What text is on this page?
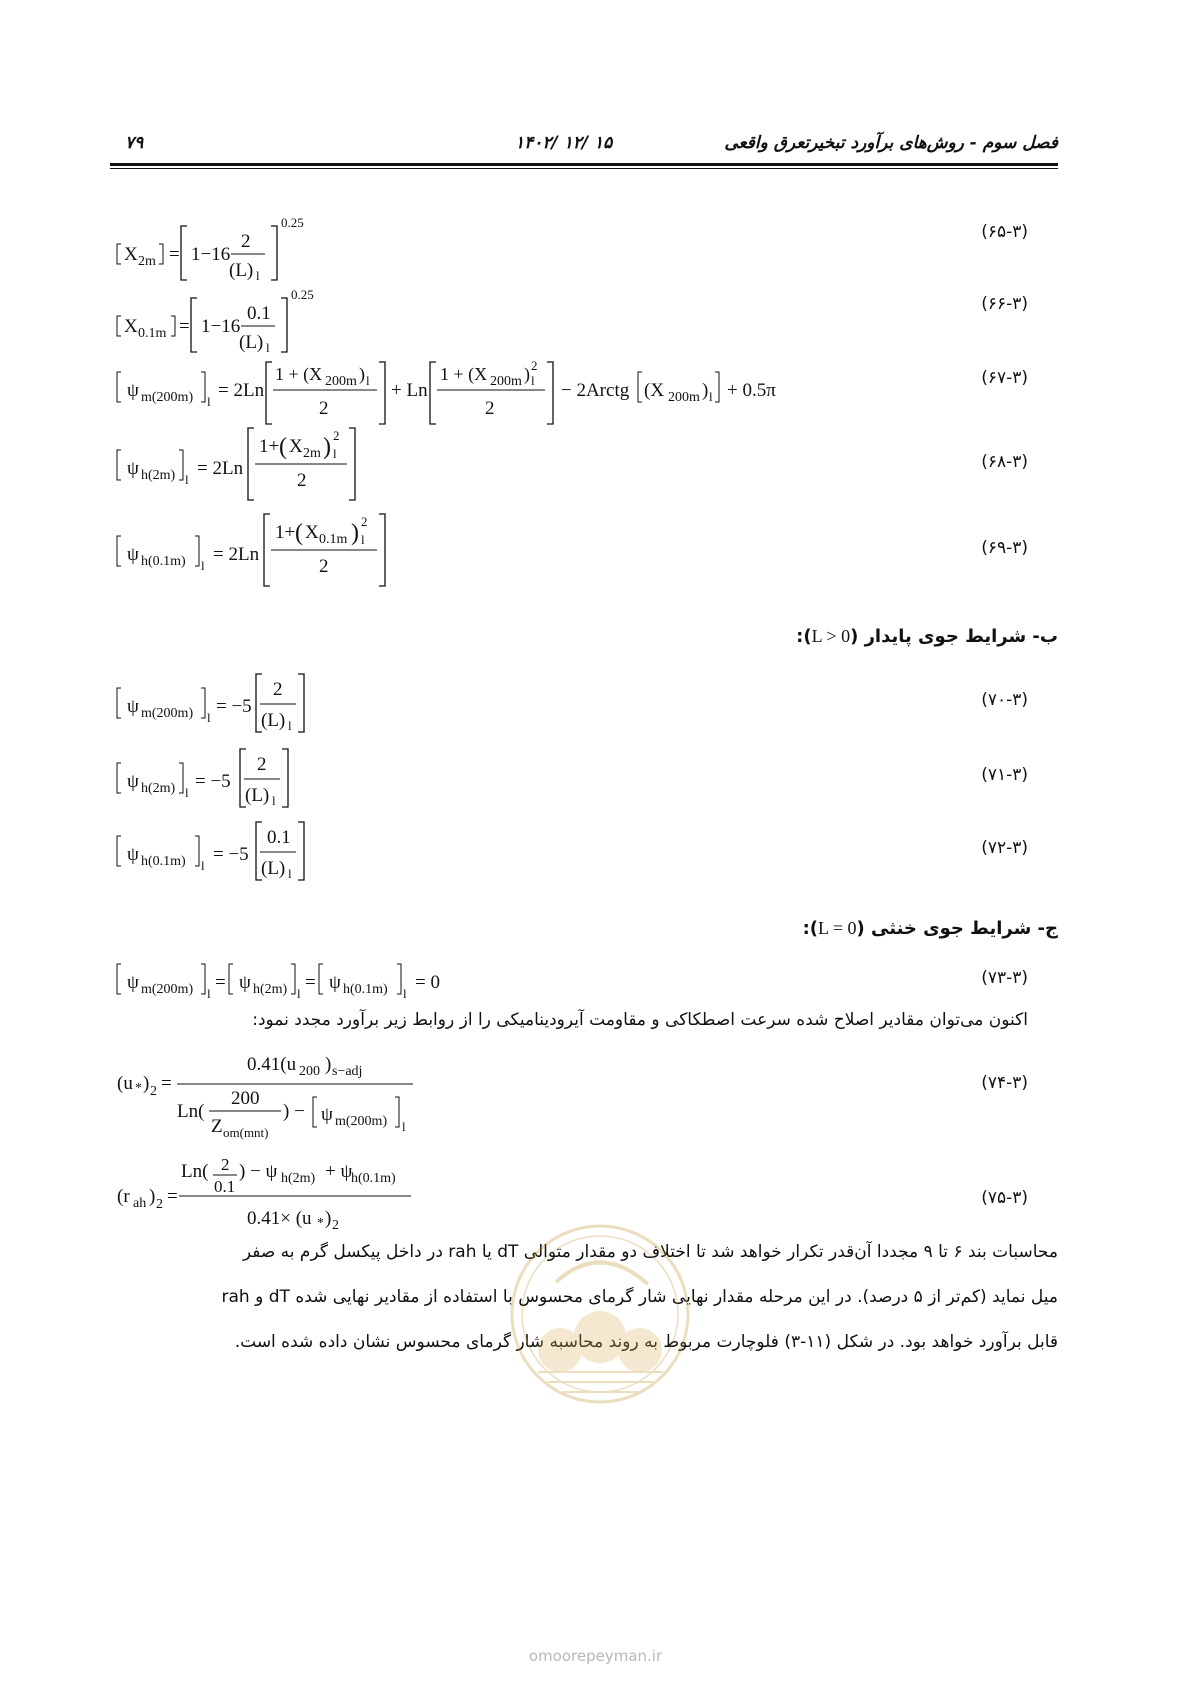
فصل سوم - روش‌های برآورد تبخیرتعرق واقعی
۱۴۰۲/ ۱۲/ ۱۵
۷۹
X 2m = 1−16
2
(L) l
0.25	(۶۵-۳)
X 0.1m = 1−16
0.1
(L) l
0.25	(۶۶-۳)
ψ m(200m) l
= 2Ln
1 + (X 200m ) l
2
+ Ln
1 + (X 200m ) l
2
2
− 2Arctg (X 200m ) l + 0.5π
(۶۷-۳)
ψ h(2m) l
= 2Ln
1+ ( X 2m ) l
2
2
(۶۸-۳)
ψ h(0.1m) l
= 2Ln
1+ ( X 0.1m ) l
2
2
(۶۹-۳)
ب- شرایط جوی پایدار (L > 0):
ψ m(200m) l
= −5
2
(L) l
(۷۰-۳)
ψ h(2m) l
= −5
2
(L) l
(۷۱-۳)
ψ h(0.1m) l
= −5
0.1
(L) l
(۷۲-۳)
ج- شرایط جوی خنثی (L = 0):
ψ m(200m) l
= ψ h(2m) l
= ψ h(0.1m) l
= 0	(۷۳-۳)
اکنون می‌توان مقادیر اصلاح شده سرعت اصطکاکی و مقاومت آیرودینامیکی را از روابط زیر برآورد مجدد نمود:
(u * ) 2 =
0.41(u 200 ) s−adj
Ln(
200
Z om(mnt)
) − ψ m(200m) l
(۷۴-۳)
(r ah ) 2 =
Ln( 2
0.1
) − ψ h(2m) + ψ
h(0.1m)
0.41× (u * ) 2
(۷۵-۳)
محاسبات بند ۶ تا ۹ مجددا آن‌قدر تکرار خواهد شد تا اختلاف دو مقدار متوالی dT یا rah در داخل پیکسل گرم به صفر
میل نماید (کم‌تر از ۵ درصد). در این مرحله مقدار نهایی شار گرمای محسوس با استفاده از مقادیر نهایی شده dT و rah
قابل برآورد خواهد بود. در شکل (۱۱-۳) فلوچارت مربوط به روند محاسبه شار گرمای محسوس نشان داده شده است.
omoorepeyman.ir
